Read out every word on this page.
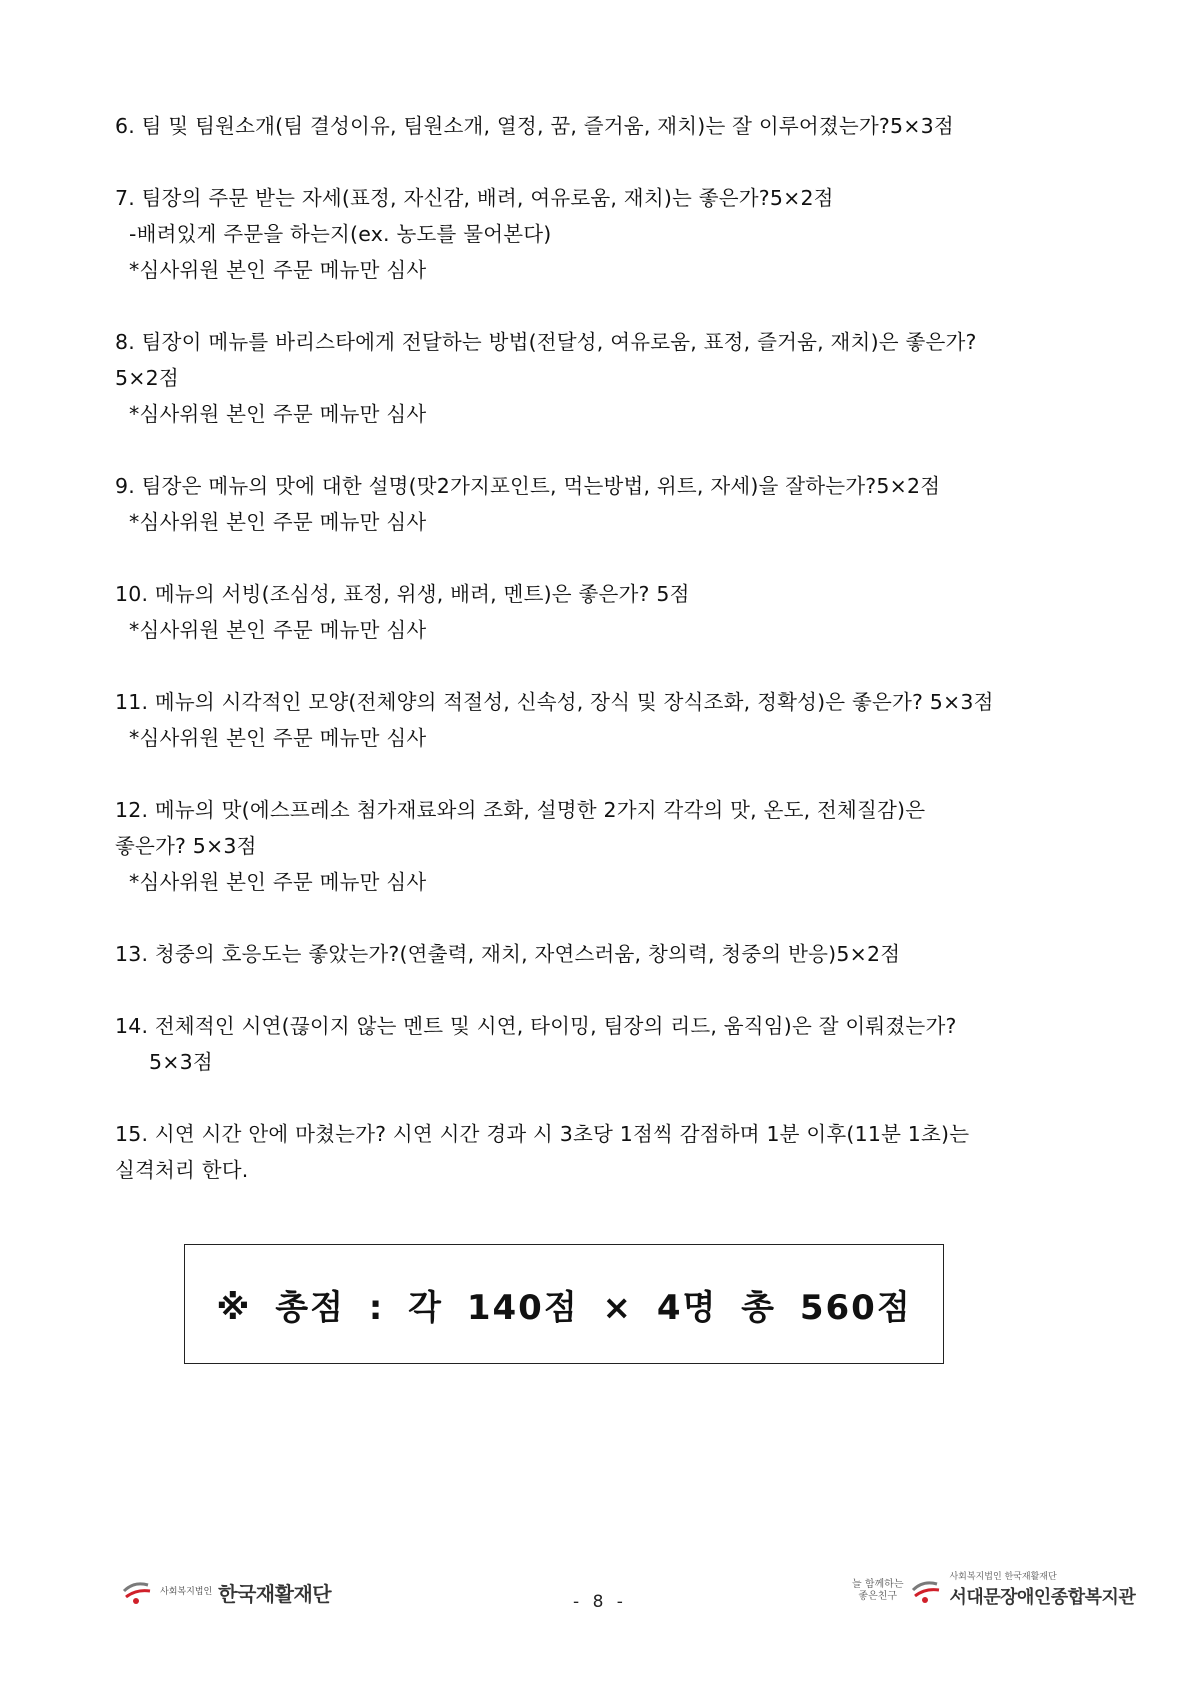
6. 팀 및 팀원소개(팀 결성이유, 팀원소개, 열정, 꿈, 즐거움, 재치)는 잘 이루어졌는가?5×3점

7. 팀장의 주문 받는 자세(표정, 자신감, 배려, 여유로움, 재치)는 좋은가?5×2점

-배려있게 주문을 하는지(ex. 농도를 물어본다)

*심사위원 본인 주문 메뉴만 심사

8. 팀장이 메뉴를 바리스타에게 전달하는 방법(전달성, 여유로움, 표정, 즐거움, 재치)은 좋은가?

5×2점

*심사위원 본인 주문 메뉴만 심사

9. 팀장은 메뉴의 맛에 대한 설명(맛2가지포인트, 먹는방법, 위트, 자세)을 잘하는가?5×2점

*심사위원 본인 주문 메뉴만 심사

10. 메뉴의 서빙(조심성, 표정, 위생, 배려, 멘트)은 좋은가? 5점

*심사위원 본인 주문 메뉴만 심사

11. 메뉴의 시각적인 모양(전체양의 적절성, 신속성, 장식 및 장식조화, 정확성)은 좋은가? 5×3점

*심사위원 본인 주문 메뉴만 심사

12. 메뉴의 맛(에스프레소 첨가재료와의 조화, 설명한 2가지 각각의 맛, 온도, 전체질감)은

좋은가? 5×3점

*심사위원 본인 주문 메뉴만 심사

13. 청중의 호응도는 좋았는가?(연출력, 재치, 자연스러움, 창의력, 청중의 반응)5×2점

14. 전체적인 시연(끊이지 않는 멘트 및 시연, 타이밍, 팀장의 리드, 움직임)은 잘 이뤄졌는가?

5×3점

15. 시연 시간 안에 마쳤는가? 시연 시간 경과 시 3초당 1점씩 감점하며 1분 이후(11분 1초)는

실격처리 한다.

※ 총점 : 각 140점 × 4명 총 560점
사회복지법인 한국재활재단	- 8 -
늘 함께하는
좋은친구
사회복지법인 한국재활재단
서대문장애인종합복지관
